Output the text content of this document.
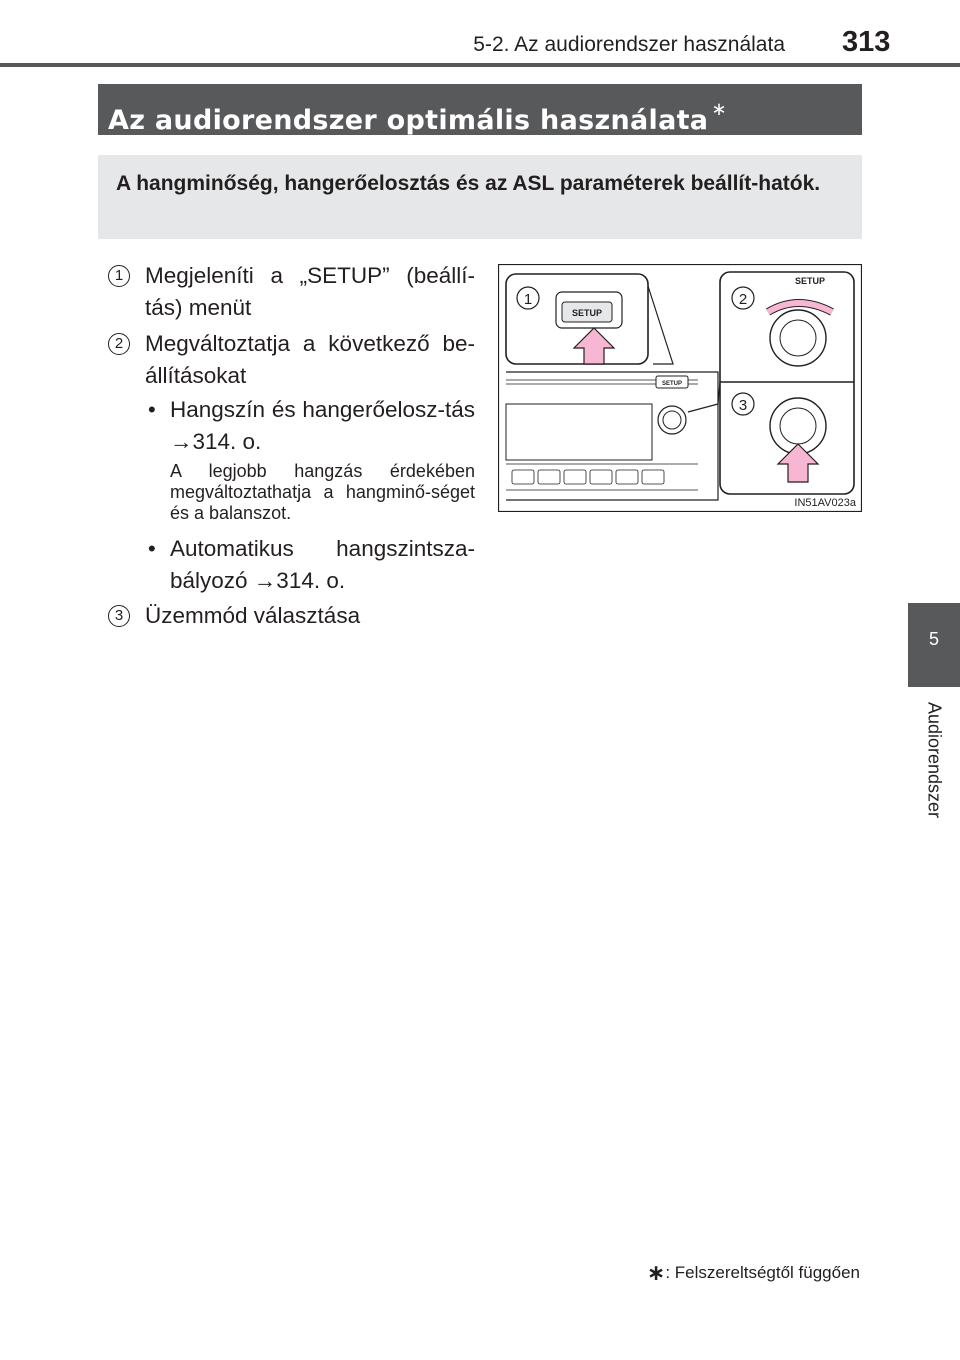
5-2. Az audiorendszer használata 313
Az audiorendszer optimális használata ∗
A hangminőség, hangerőelosztás és az ASL paraméterek beállít-hatók.
1 Megjeleníti a „SETUP” (beállí-tás) menüt
2 Megváltoztatja a következő be-állításokat
• Hangszín és hangerőelosz-tás →314. o.
A legjobb hangzás érdekében megváltoztathatja a hangminő-séget és a balanszot.
• Automatikus hangszintsza-bályozó →314. o.
3 Üzemmód választása
SETUP
SETUP
1
SETUP
2
3
IN51AV023a
5
Audiorendszer
∗: Felszereltségtől függően
